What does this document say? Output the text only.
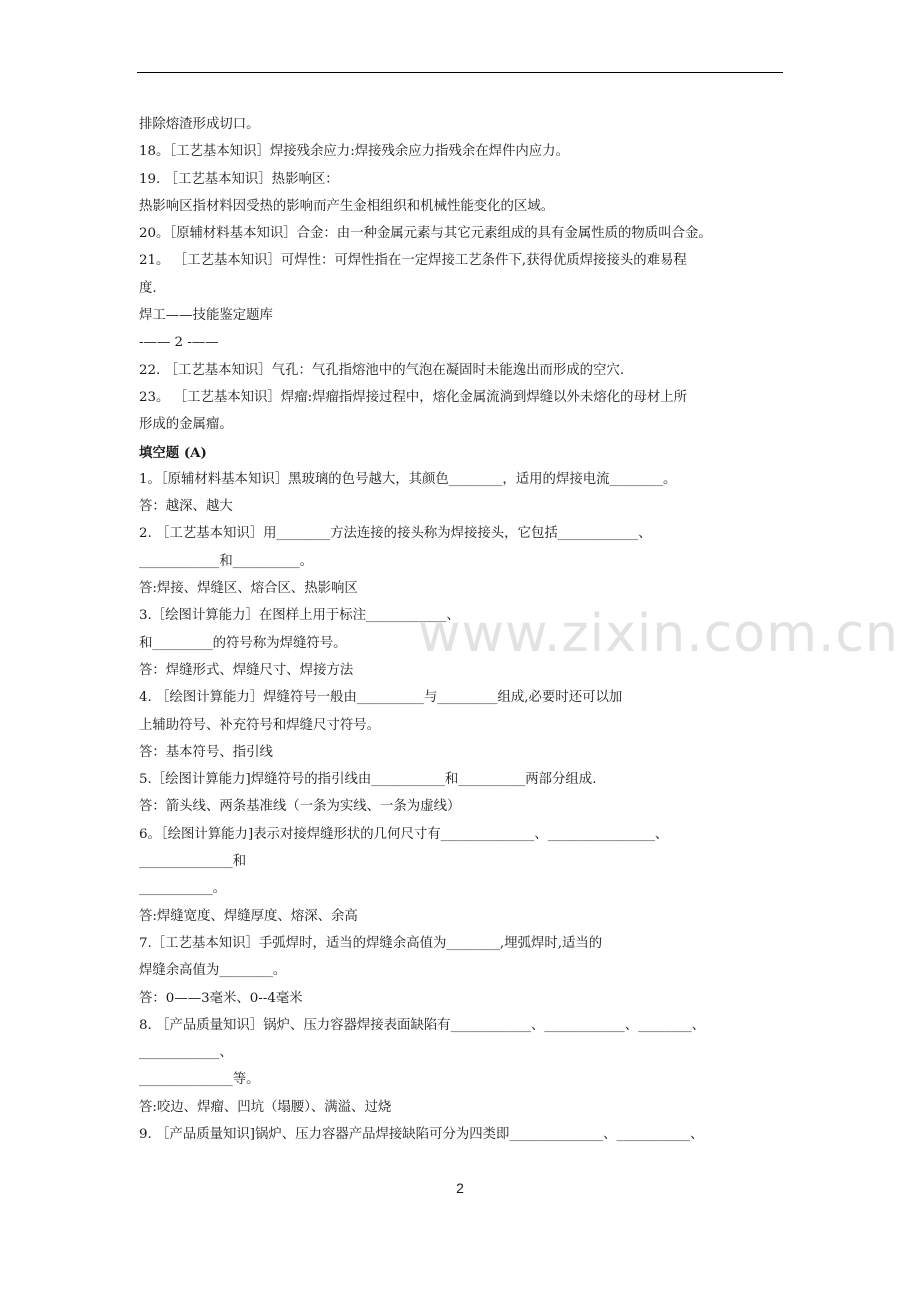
www.zixin.com.cn
排除熔渣形成切口。
18。［工艺基本知识］焊接残余应力:焊接残余应力指残余在焊件内应力。
19. ［工艺基本知识］热影响区：
热影响区指材料因受热的影响而产生金相组织和机械性能变化的区域。
20。［原辅材料基本知识］合金：由一种金属元素与其它元素组成的具有金属性质的物质叫合金。
21。 ［工艺基本知识］可焊性：可焊性指在一定焊接工艺条件下,获得优质焊接接头的难易程
度.
焊工——技能鉴定题库
-—— 2 -——
22. ［工艺基本知识］气孔：气孔指熔池中的气泡在凝固时未能逸出而形成的空穴.
23。 ［工艺基本知识］焊瘤:焊瘤指焊接过程中，熔化金属流淌到焊缝以外未熔化的母材上所
形成的金属瘤。
填空题 (A)
1。［原辅材料基本知识］黑玻璃的色号越大，其颜色________，适用的焊接电流________。
答：越深、越大
2. ［工艺基本知识］用________方法连接的接头称为焊接接头，它包括____________、
____________和__________。
答:焊接、焊缝区、熔合区、热影响区
3.［绘图计算能力］在图样上用于标注____________、
和_________的符号称为焊缝符号。
答：焊缝形式、焊缝尺寸、焊接方法
4. ［绘图计算能力］焊缝符号一般由__________与_________组成,必要时还可以加
上辅助符号、补充符号和焊缝尺寸符号。
答：基本符号、指引线
5.［绘图计算能力]焊缝符号的指引线由___________和__________两部分组成.
答：箭头线、两条基准线（一条为实线、一条为虚线）
6。［绘图计算能力]表示对接焊缝形状的几何尺寸有______________、________________、
______________和
___________。
答:焊缝宽度、焊缝厚度、熔深、余高
7.［工艺基本知识］手弧焊时，适当的焊缝余高值为________,埋弧焊时,适当的
焊缝余高值为________。
答：0——3毫米、0--4毫米
8. ［产品质量知识］锅炉、压力容器焊接表面缺陷有____________、____________、________、
____________、
______________等。
答:咬边、焊瘤、凹坑（塌腰）、满溢、过烧
9. ［产品质量知识]锅炉、压力容器产品焊接缺陷可分为四类即______________、___________、
2
